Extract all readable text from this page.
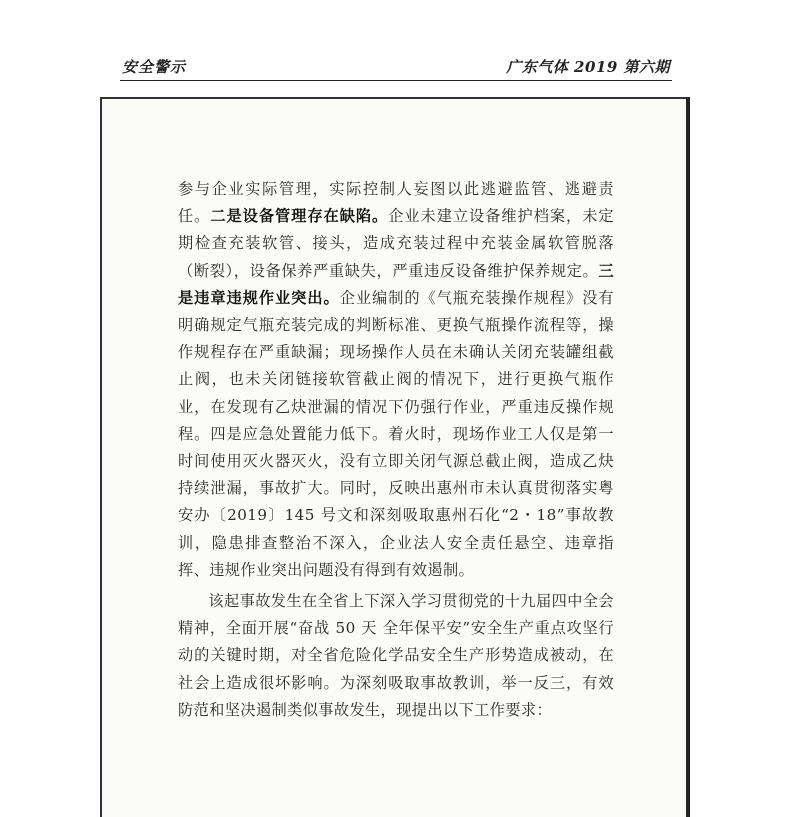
安全警示	广东气体 2019 第六期

参与企业实际管理，实际控制人妄图以此逃避监管、逃避责任。二是设备管理存在缺陷。企业未建立设备维护档案，未定期检查充装软管、接头，造成充装过程中充装金属软管脱落（断裂），设备保养严重缺失，严重违反设备维护保养规定。三是违章违规作业突出。企业编制的《气瓶充装操作规程》没有明确规定气瓶充装完成的判断标准、更换气瓶操作流程等，操作规程存在严重缺漏；现场操作人员在未确认关闭充装罐组截止阀，也未关闭链接软管截止阀的情况下，进行更换气瓶作业，在发现有乙炔泄漏的情况下仍强行作业，严重违反操作规程。四是应急处置能力低下。着火时，现场作业工人仅是第一时间使用灭火器灭火，没有立即关闭气源总截止阀，造成乙炔持续泄漏，事故扩大。同时，反映出惠州市未认真贯彻落实粤安办〔2019〕145 号文和深刻吸取惠州石化“2・18”事故教训，隐患排查整治不深入，企业法人安全责任悬空、违章指挥、违规作业突出问题没有得到有效遏制。

该起事故发生在全省上下深入学习贯彻党的十九届四中全会精神，全面开展“奋战 50 天 全年保平安”安全生产重点攻坚行动的关键时期，对全省危险化学品安全生产形势造成被动，在社会上造成很坏影响。为深刻吸取事故教训，举一反三，有效防范和坚决遏制类似事故发生，现提出以下工作要求：
